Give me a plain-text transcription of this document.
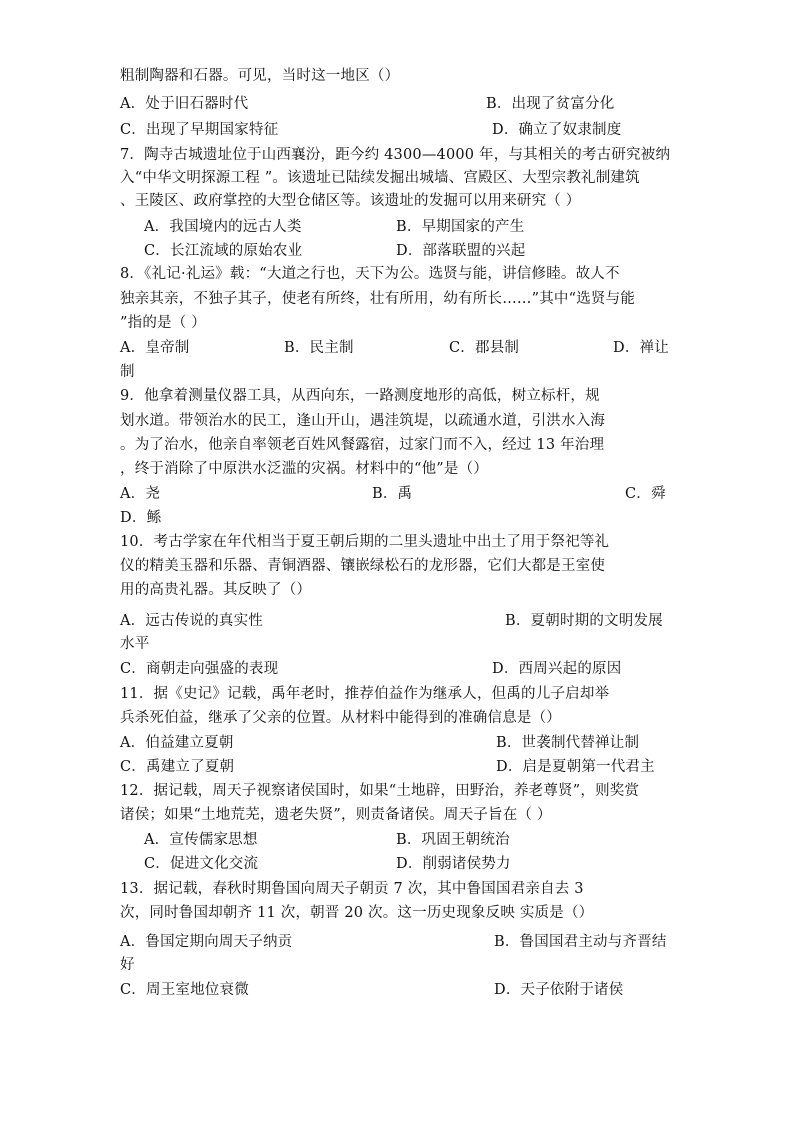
粗制陶器和石器。可见，当时这一地区（）
A．处于旧石器时代	B．出现了贫富分化
C．出现了早期国家特征	D．确立了奴隶制度
7．陶寺古城遗址位于山西襄汾，距今约 4300—4000 年，与其相关的考古研究被纳
入“中华文明探源工程 ”。该遗址已陆续发掘出城墙、宫殿区、大型宗教礼制建筑
、王陵区、政府掌控的大型仓储区等。该遗址的发掘可以用来研究（ ）
A．我国境内的远古人类	B．早期国家的产生
C．长江流域的原始农业	D．部落联盟的兴起
8．《礼记·礼运》载：“大道之行也，天下为公。选贤与能，讲信修睦。故人不
独亲其亲，不独子其子，使老有所终，壮有所用，幼有所长……”其中“选贤与能
”指的是（ ）
A．皇帝制	B．民主制	C．郡县制	D．禅让
制
9．他拿着测量仪器工具，从西向东，一路测度地形的高低，树立标杆，规
划水道。带领治水的民工，逢山开山，遇洼筑堤，以疏通水道，引洪水入海
。为了治水，他亲自率领老百姓风餐露宿，过家门而不入，经过 13 年治理
，终于消除了中原洪水泛滥的灾祸。材料中的“他”是（）
A．尧	B．禹	C．舜
D．鲧
10．考古学家在年代相当于夏王朝后期的二里头遗址中出土了用于祭祀等礼
仪的精美玉器和乐器、青铜酒器、镶嵌绿松石的龙形器，它们大都是王室使
用的高贵礼器。其反映了（）
A．远古传说的真实性	B．夏朝时期的文明发展
水平
C．商朝走向强盛的表现	D．西周兴起的原因
11．据《史记》记载，禹年老时，推荐伯益作为继承人，但禹的儿子启却举
兵杀死伯益，继承了父亲的位置。从材料中能得到的准确信息是（）
A．伯益建立夏朝	B．世袭制代替禅让制
C．禹建立了夏朝	D．启是夏朝第一代君主
12．据记载，周天子视察诸侯国时，如果“土地辟，田野治，养老尊贤”，则奖赏
诸侯；如果“土地荒芜，遗老失贤”，则责备诸侯。周天子旨在（ ）
A．宣传儒家思想	B．巩固王朝统治
C．促进文化交流	D．削弱诸侯势力
13．据记载，春秋时期鲁国向周天子朝贡 7 次，其中鲁国国君亲自去 3
次，同时鲁国却朝齐 11 次，朝晋 20 次。这一历史现象反映 实质是（）
A．鲁国定期向周天子纳贡	B．鲁国国君主动与齐晋结
好
C．周王室地位衰微	D．天子依附于诸侯
